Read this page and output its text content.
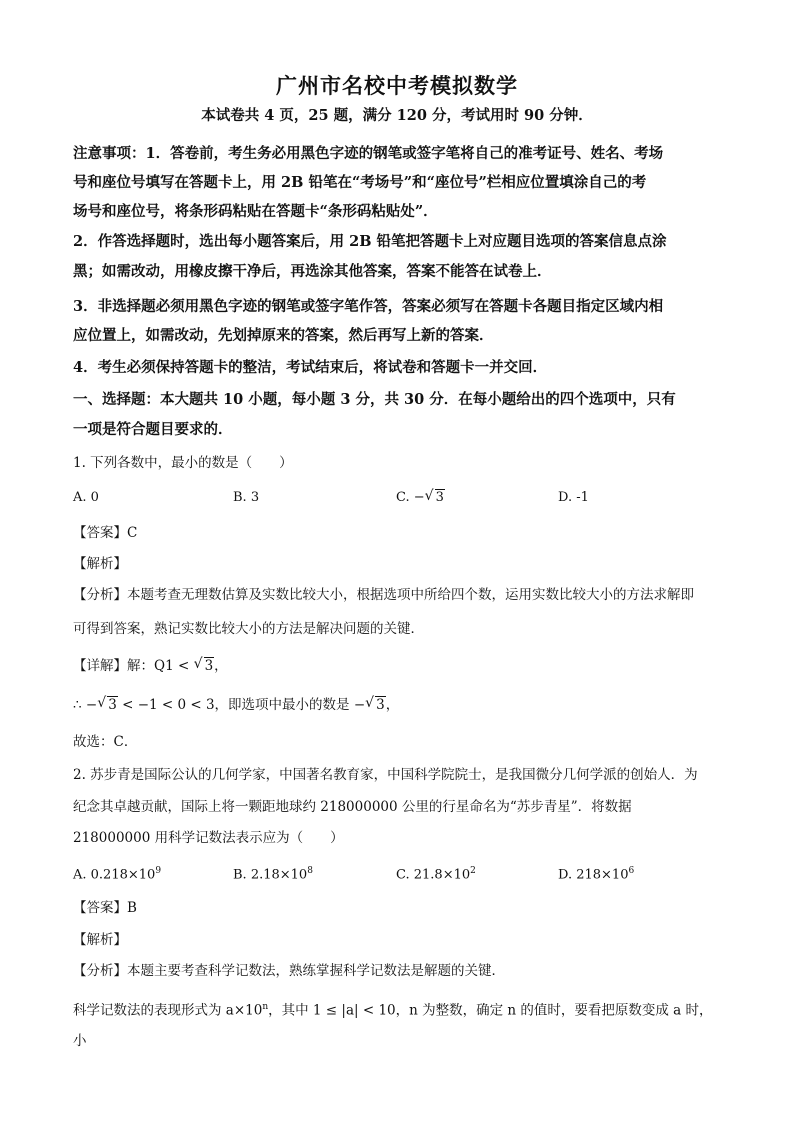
广州市名校中考模拟数学
本试卷共 4 页，25 题，满分 120 分，考试用时 90 分钟．
注意事项：1．答卷前，考生务必用黑色字迹的钢笔或签字笔将自己的准考证号、姓名、考场
号和座位号填写在答题卡上，用 2B 铅笔在“考场号”和“座位号”栏相应位置填涂自己的考
场号和座位号，将条形码粘贴在答题卡“条形码粘贴处”．
2．作答选择题时，选出每小题答案后，用 2B 铅笔把答题卡上对应题目选项的答案信息点涂
黑；如需改动，用橡皮擦干净后，再选涂其他答案，答案不能答在试卷上．
3．非选择题必须用黑色字迹的钢笔或签字笔作答，答案必须写在答题卡各题目指定区域内相
应位置上，如需改动，先划掉原来的答案，然后再写上新的答案．
4．考生必须保持答题卡的整洁，考试结束后，将试卷和答题卡一并交回．
一、选择题：本大题共 10 小题，每小题 3 分，共 30 分．在每小题给出的四个选项中，只有
一项是符合题目要求的．
1. 下列各数中，最小的数是（　　）
A. 0	B. 3	C. − √ 3	D. -1
【答案】C
【解析】
【分析】本题考查无理数估算及实数比较大小，根据选项中所给四个数，运用实数比较大小的方法求解即
可得到答案，熟记实数比较大小的方法是解决问题的关键．
【详解】解：Q1 < √ 3，
∴ − √ 3 < −1 < 0 < 3，即选项中最小的数是 − √ 3，
故选：C．
2. 苏步青是国际公认的几何学家，中国著名教育家，中国科学院院士，是我国微分几何学派的创始人．为
纪念其卓越贡献，国际上将一颗距地球约 218000000 公里的行星命名为“苏步青星”．将数据
218000000 用科学记数法表示应为（　　）
A. $0.218\times 10^9$	B. $2.18\times 10^8$	C. $21.8\times 10^2$	D. $218\times 10^6$
【答案】B
【解析】
【分析】本题主要考查科学记数法，熟练掌握科学记数法是解题的关键．
科学记数法的表现形式为 $a\times 10^n$，其中 1 ≤ |a| < 10，n 为整数，确定 n 的值时，要看把原数变成 a 时，小
